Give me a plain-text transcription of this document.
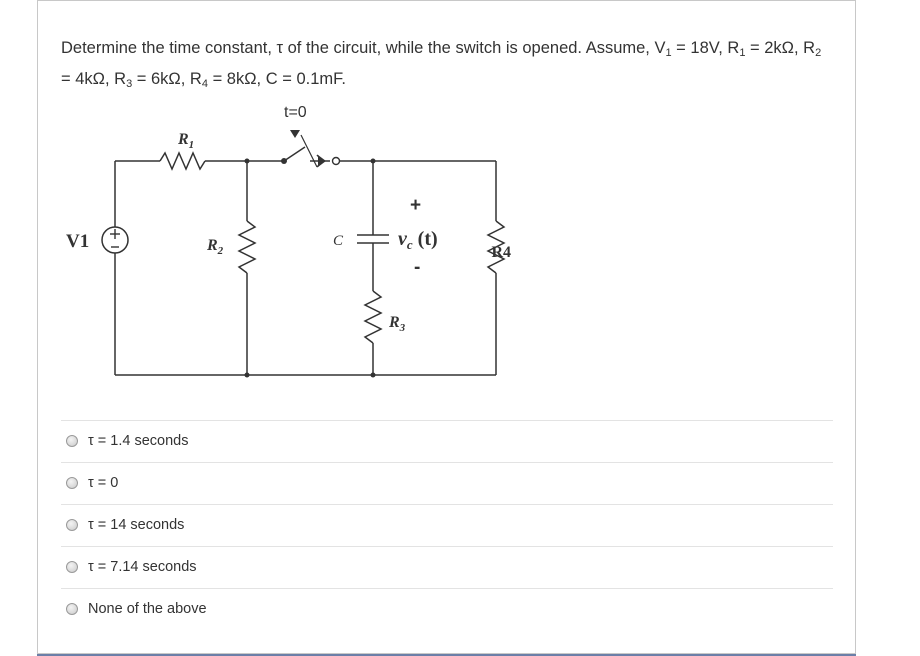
Determine the time constant, τ of the circuit, while the switch is opened. Assume, $V_1 = 18V$, $R_1 = 2k\Omega$, $R_2 = 4k\Omega$, $R_3 = 6k\Omega$, $R_4 = 8k\Omega$, C = 0.1mF.
t=0
V1
$R_1$
$R_2$
C
+
$v_c$ (t)
-
$R_3$
R4
τ = 1.4 seconds
τ = 0
τ = 14 seconds
τ = 7.14 seconds
None of the above
